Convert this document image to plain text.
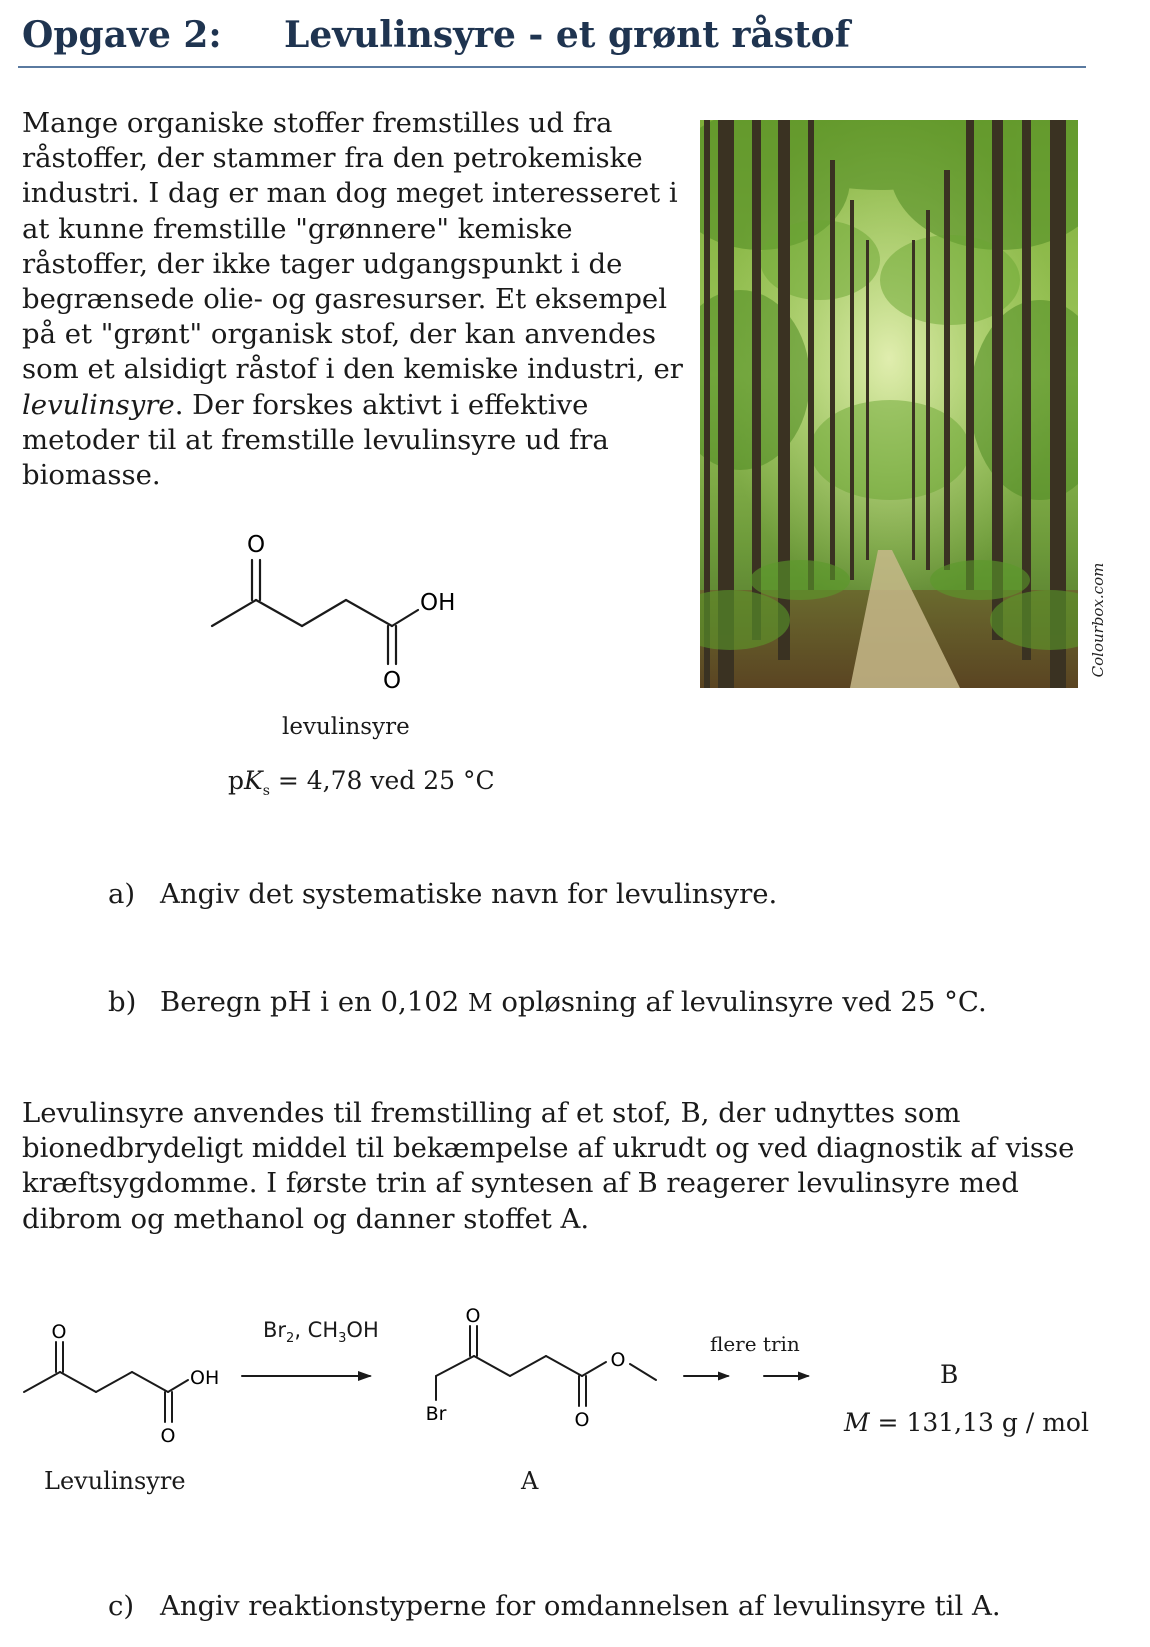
Opgave 2: Levulinsyre - et grønt råstof
Mange organiske stoffer fremstilles ud fra
råstoffer, der stammer fra den petrokemiske
industri. I dag er man dog meget interesseret i
at kunne fremstille "grønnere" kemiske
råstoffer, der ikke tager udgangspunkt i de
begrænsede olie- og gasresurser. Et eksempel
på et "grønt" organisk stof, der kan anvendes
som et alsidigt råstof i den kemiske industri, er
levulinsyre. Der forskes aktivt i effektive
metoder til at fremstille levulinsyre ud fra
biomasse.
Colourbox.com
O
OH
O
levulinsyre
$pK_s = 4,78$ ved 25 °C
a) Angiv det systematiske navn for levulinsyre.
b) Beregn pH i en 0,102 M opløsning af levulinsyre ved 25 °C.
Levulinsyre anvendes til fremstilling af et stof, B, der udnyttes som
bionedbrydeligt middel til bekæmpelse af ukrudt og ved diagnostik af visse
kræftsygdomme. I første trin af syntesen af B reagerer levulinsyre med
dibrom og methanol og danner stoffet A.
O
OH
O
O
Br
O
O
$Br_2$, $CH_3OH$
flere trin
B
M = 131,13 g / mol
Levulinsyre	A
c) Angiv reaktionstyperne for omdannelsen af levulinsyre til A.
